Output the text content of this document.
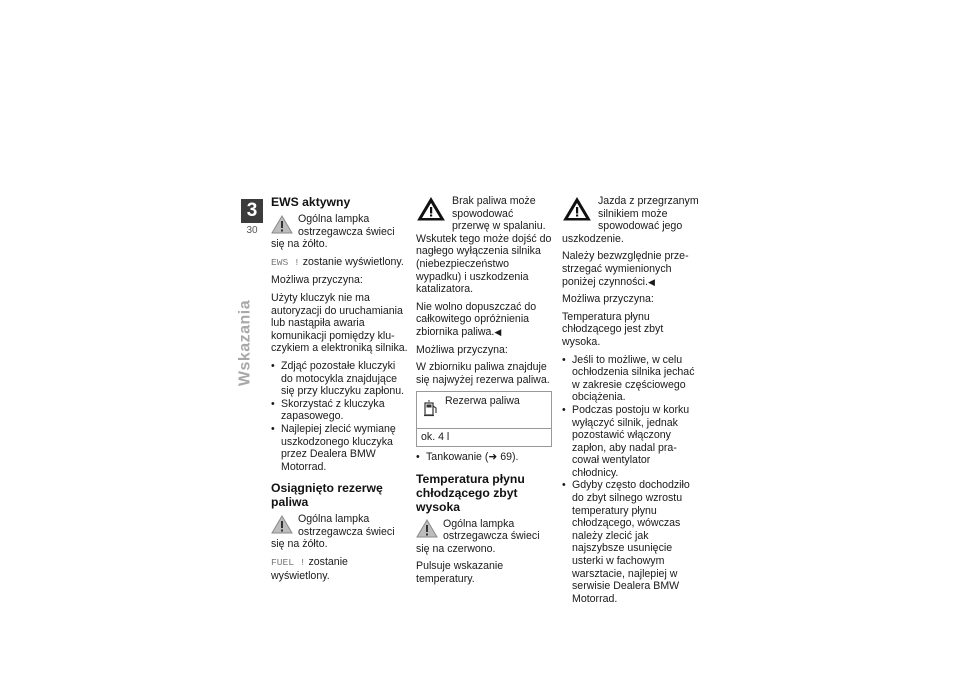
3
30
Wskazania
EWS aktywny
Ogólna lampka ostrzegawcza świeci się na żółto.

EWS ! zostanie wyświetlony.

Możliwa przyczyna:

Użyty kluczyk nie ma autoryzacji do uruchamiania lub nastąpiła awaria komunikacji pomiędzy kluczykiem a elektroniką silnika.

• Zdjąć pozostałe kluczyki do motocykla znajdujące się przy kluczyku zapłonu.
• Skorzystać z kluczyka zapasowego.
• Najlepiej zlecić wymianę uszkodzonego kluczyka przez Dealera BMW Motorrad.
Osiągnięto rezerwę paliwa
Ogólna lampka ostrzegawcza świeci się na żółto.

FUEL ! zostanie wyświetlony.

Brak paliwa może spowodować przerwę w spalaniu. Wskutek tego może dojść do nagłego wyłączenia silnika (niebezpieczeństwo wypadku) i uszkodzenia katalizatora.

Nie wolno dopuszczać do całkowitego opróżnienia zbiornika paliwa.◀

Możliwa przyczyna:

W zbiorniku paliwa znajduje się najwyżej rezerwa paliwa.

Rezerwa paliwa
ok. 4 l
• Tankowanie (➜ 69).
Temperatura płynu chłodzącego zbyt wysoka
Ogólna lampka ostrzegawcza świeci się na czerwono.

Pulsuje wskazanie temperatury.

Jazda z przegrzanym silnikiem może spowodować jego uszkodzenie.

Należy bezwzględnie przestrzegać wymienionych poniżej czynności.◀

Możliwa przyczyna:

Temperatura płynu chłodzącego jest zbyt wysoka.

• Jeśli to możliwe, w celu ochłodzenia silnika jechać w zakresie częściowego obciążenia.
• Podczas postoju w korku wyłączyć silnik, jednak pozostawić włączony zapłon, aby nadal pracował wentylator chłodnicy.
• Gdyby często dochodziło do zbyt silnego wzrostu temperatury płynu chłodzącego, wówczas należy zlecić jak najszybsze usunięcie usterki w fachowym warsztacie, najlepiej w serwisie Dealera BMW Motorrad.
